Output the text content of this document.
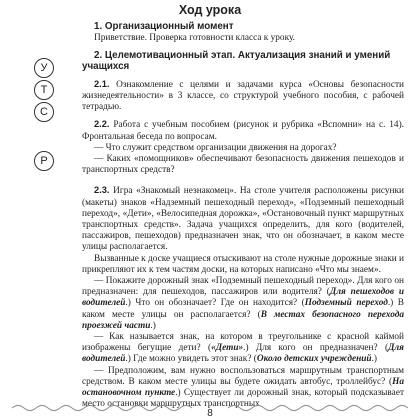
Ход урока
У
Т
С
Р

1. Организационный момент

Приветствие. Проверка готовности класса к уроку.

2. Целемотивационный этап. Актуализация знаний и умений

учащихся

2.1. Ознакомление с целями и задачами курса «Основы безопасности жизнедеятельности» в 3 классе, со структурой учебного пособия, с рабочей тетрадью.

2.2. Работа с учебным пособием (рисунок и рубрика «Вспомни» на с. 14). Фронтальная беседа по вопросам.

— Что служит средством организации движения на дорогах?

— Каких «помощников» обеспечивают безопасность движения пешеходов и транспортных средств?

2.3. Игра «Знакомый незнакомец». На столе учителя расположены рисунки (макеты) знаков «Надземный пешеходный переход», «Подземный пешеходный переход», «Дети», «Велосипедная дорожка», «Остановочный пункт маршрутных транспортных средств». Задача учащихся определить, для кого (водителей, пассажиров, пешеходов) предназначен знак, что он обозначает, в каком месте улицы располагается.

Вызванные к доске учащиеся отыскивают на столе нужные дорожные знаки и прикрепляют их к тем частям доски, на которых написано «Что мы знаем».

— Покажите дорожный знак «Подземный пешеходный переход». Для кого он предназначен: для пешеходов, пассажиров или водителя? (Для пешеходов и водителей.) Что он обозначает? Где он находится? (Подземный переход.) В каком месте улицы он располагается? (В местах безопасного перехода проезжей части.)

— Как называется знак, на котором в треугольнике с красной каймой изображены бегущие дети? («Дети».) Для кого он предназначен? (Для водителей.) Где можно увидеть этот знак? (Около детских учреждений.)

— Предположим, вам нужно воспользоваться маршрутным транспортным средством. В каком месте улицы вы будете ожидать автобус, троллейбус? (На остановочном пункте.) Существует ли дорожный знак, который подсказывает место остановки маршрутных транспортных

8
